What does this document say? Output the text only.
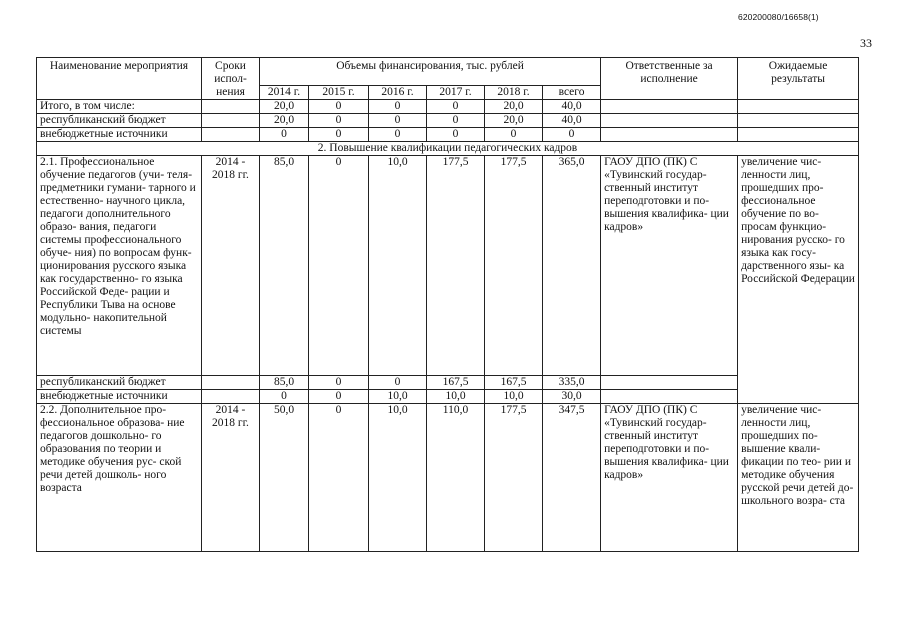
620200080/16658(1)
33
Наименование мероприятия	Сроки испол- нения	Объемы финансирования, тыс. рублей						Ответственные за исполнение	Ожидаемые результаты
		2014 г.	2015 г.	2016 г.	2017 г.	2018 г.	всего		
Итого, в том числе:		20,0	0	0	0	20,0	40,0		
республиканский бюджет		20,0	0	0	0	20,0	40,0		
внебюджетные источники		0	0	0	0	0	0		
2. Повышение квалификации педагогических кадров									
2.1. Профессиональное обучение педагогов (учи- теля-предметники гумани- тарного и естественно- научного цикла, педагоги дополнительного образо- вания, педагоги системы профессионального обуче- ния) по вопросам функ- ционирования русского языка как государственно- го языка Российской Феде- рации и Республики Тыва на основе модульно- накопительной системы	2014 - 2018 гг.	85,0	0	10,0	177,5	177,5	365,0	ГАОУ ДПО (ПК) С «Тувинский государ- ственный институт переподготовки и по- вышения квалифика- ции кадров»	увеличение чис- ленности лиц, прошедших про- фессиональное обучение по во- просам функцио- нирования русско- го языка как госу- дарственного язы- ка Российской Федерации
республиканский бюджет		85,0	0	0	167,5	167,5	335,0		
внебюджетные источники		0	0	10,0	10,0	10,0	30,0		
2.2. Дополнительное про- фессиональное образова- ние педагогов дошкольно- го образования по теории и методике обучения рус- ской речи детей дошколь- ного возраста	2014 - 2018 гг.	50,0	0	10,0	110,0	177,5	347,5	ГАОУ ДПО (ПК) С «Тувинский государ- ственный институт переподготовки и по- вышения квалифика- ции кадров»	увеличение чис- ленности лиц, прошедших по- вышение квали- фикации по тео- рии и методике обучения русской речи детей до- школьного возра- ста
